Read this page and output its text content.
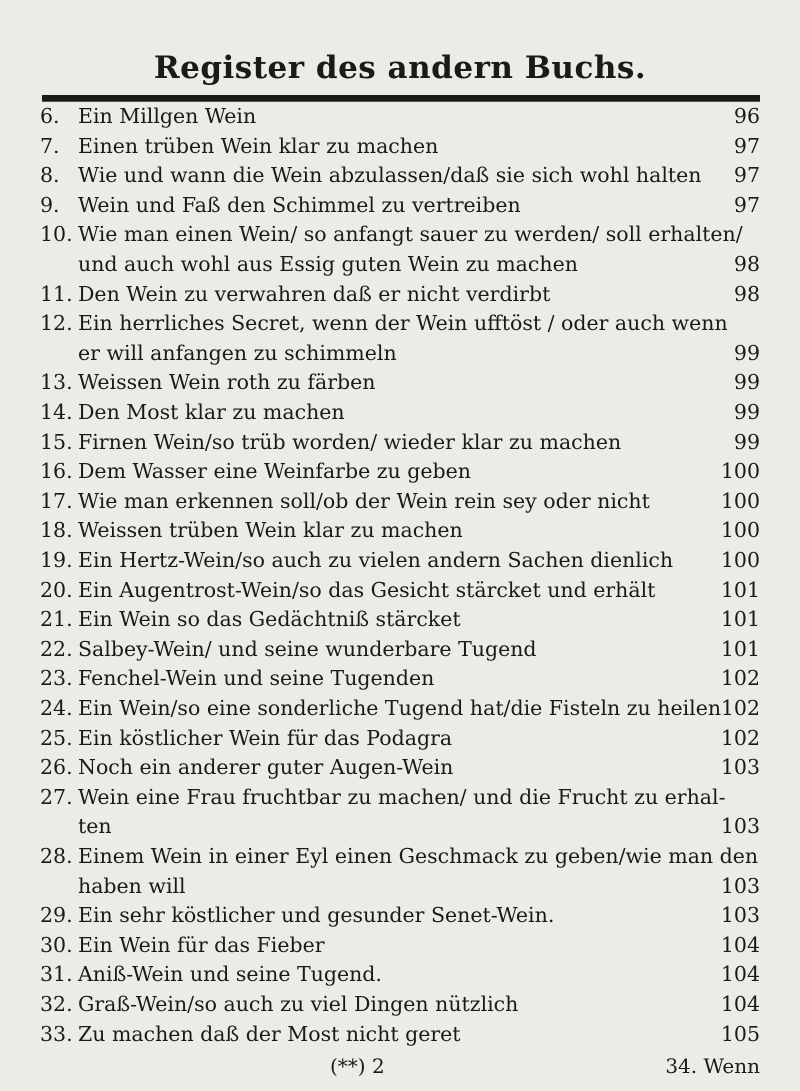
Register des andern Buchs.
6. Ein Millgen Wein	96
7. Einen trüben Wein klar zu machen	97
8. Wie und wann die Wein abzulassen/daß sie sich wohl halten	97
9. Wein und Faß den Schimmel zu vertreiben	97
10. Wie man einen Wein/ so anfangt sauer zu werden/ soll erhalten/
und auch wohl aus Essig guten Wein zu machen	98
11. Den Wein zu verwahren daß er nicht verdirbt	98
12. Ein herrliches Secret, wenn der Wein ufftöst / oder auch wenn
er will anfangen zu schimmeln	99
13. Weissen Wein roth zu färben	99
14. Den Most klar zu machen	99
15. Firnen Wein/so trüb worden/ wieder klar zu machen	99
16. Dem Wasser eine Weinfarbe zu geben	100
17. Wie man erkennen soll/ob der Wein rein sey oder nicht	100
18. Weissen trüben Wein klar zu machen	100
19. Ein Hertz-Wein/so auch zu vielen andern Sachen dienlich	100
20. Ein Augentrost-Wein/so das Gesicht stärcket und erhält	101
21. Ein Wein so das Gedächtniß stärcket	101
22. Salbey-Wein/ und seine wunderbare Tugend	101
23. Fenchel-Wein und seine Tugenden	102
24. Ein Wein/so eine sonderliche Tugend hat/die Fisteln zu heilen 102
25. Ein köstlicher Wein für das Podagra	102
26. Noch ein anderer guter Augen-Wein	103
27. Wein eine Frau fruchtbar zu machen/ und die Frucht zu erhal-
ten	103
28. Einem Wein in einer Eyl einen Geschmack zu geben/wie man den
haben will	103
29. Ein sehr köstlicher und gesunder Senet-Wein.	103
30. Ein Wein für das Fieber	104
31. Aniß-Wein und seine Tugend.	104
32. Graß-Wein/so auch zu viel Dingen nützlich	104
33. Zu machen daß der Most nicht geret	105
(**) 2	34. Wenn
